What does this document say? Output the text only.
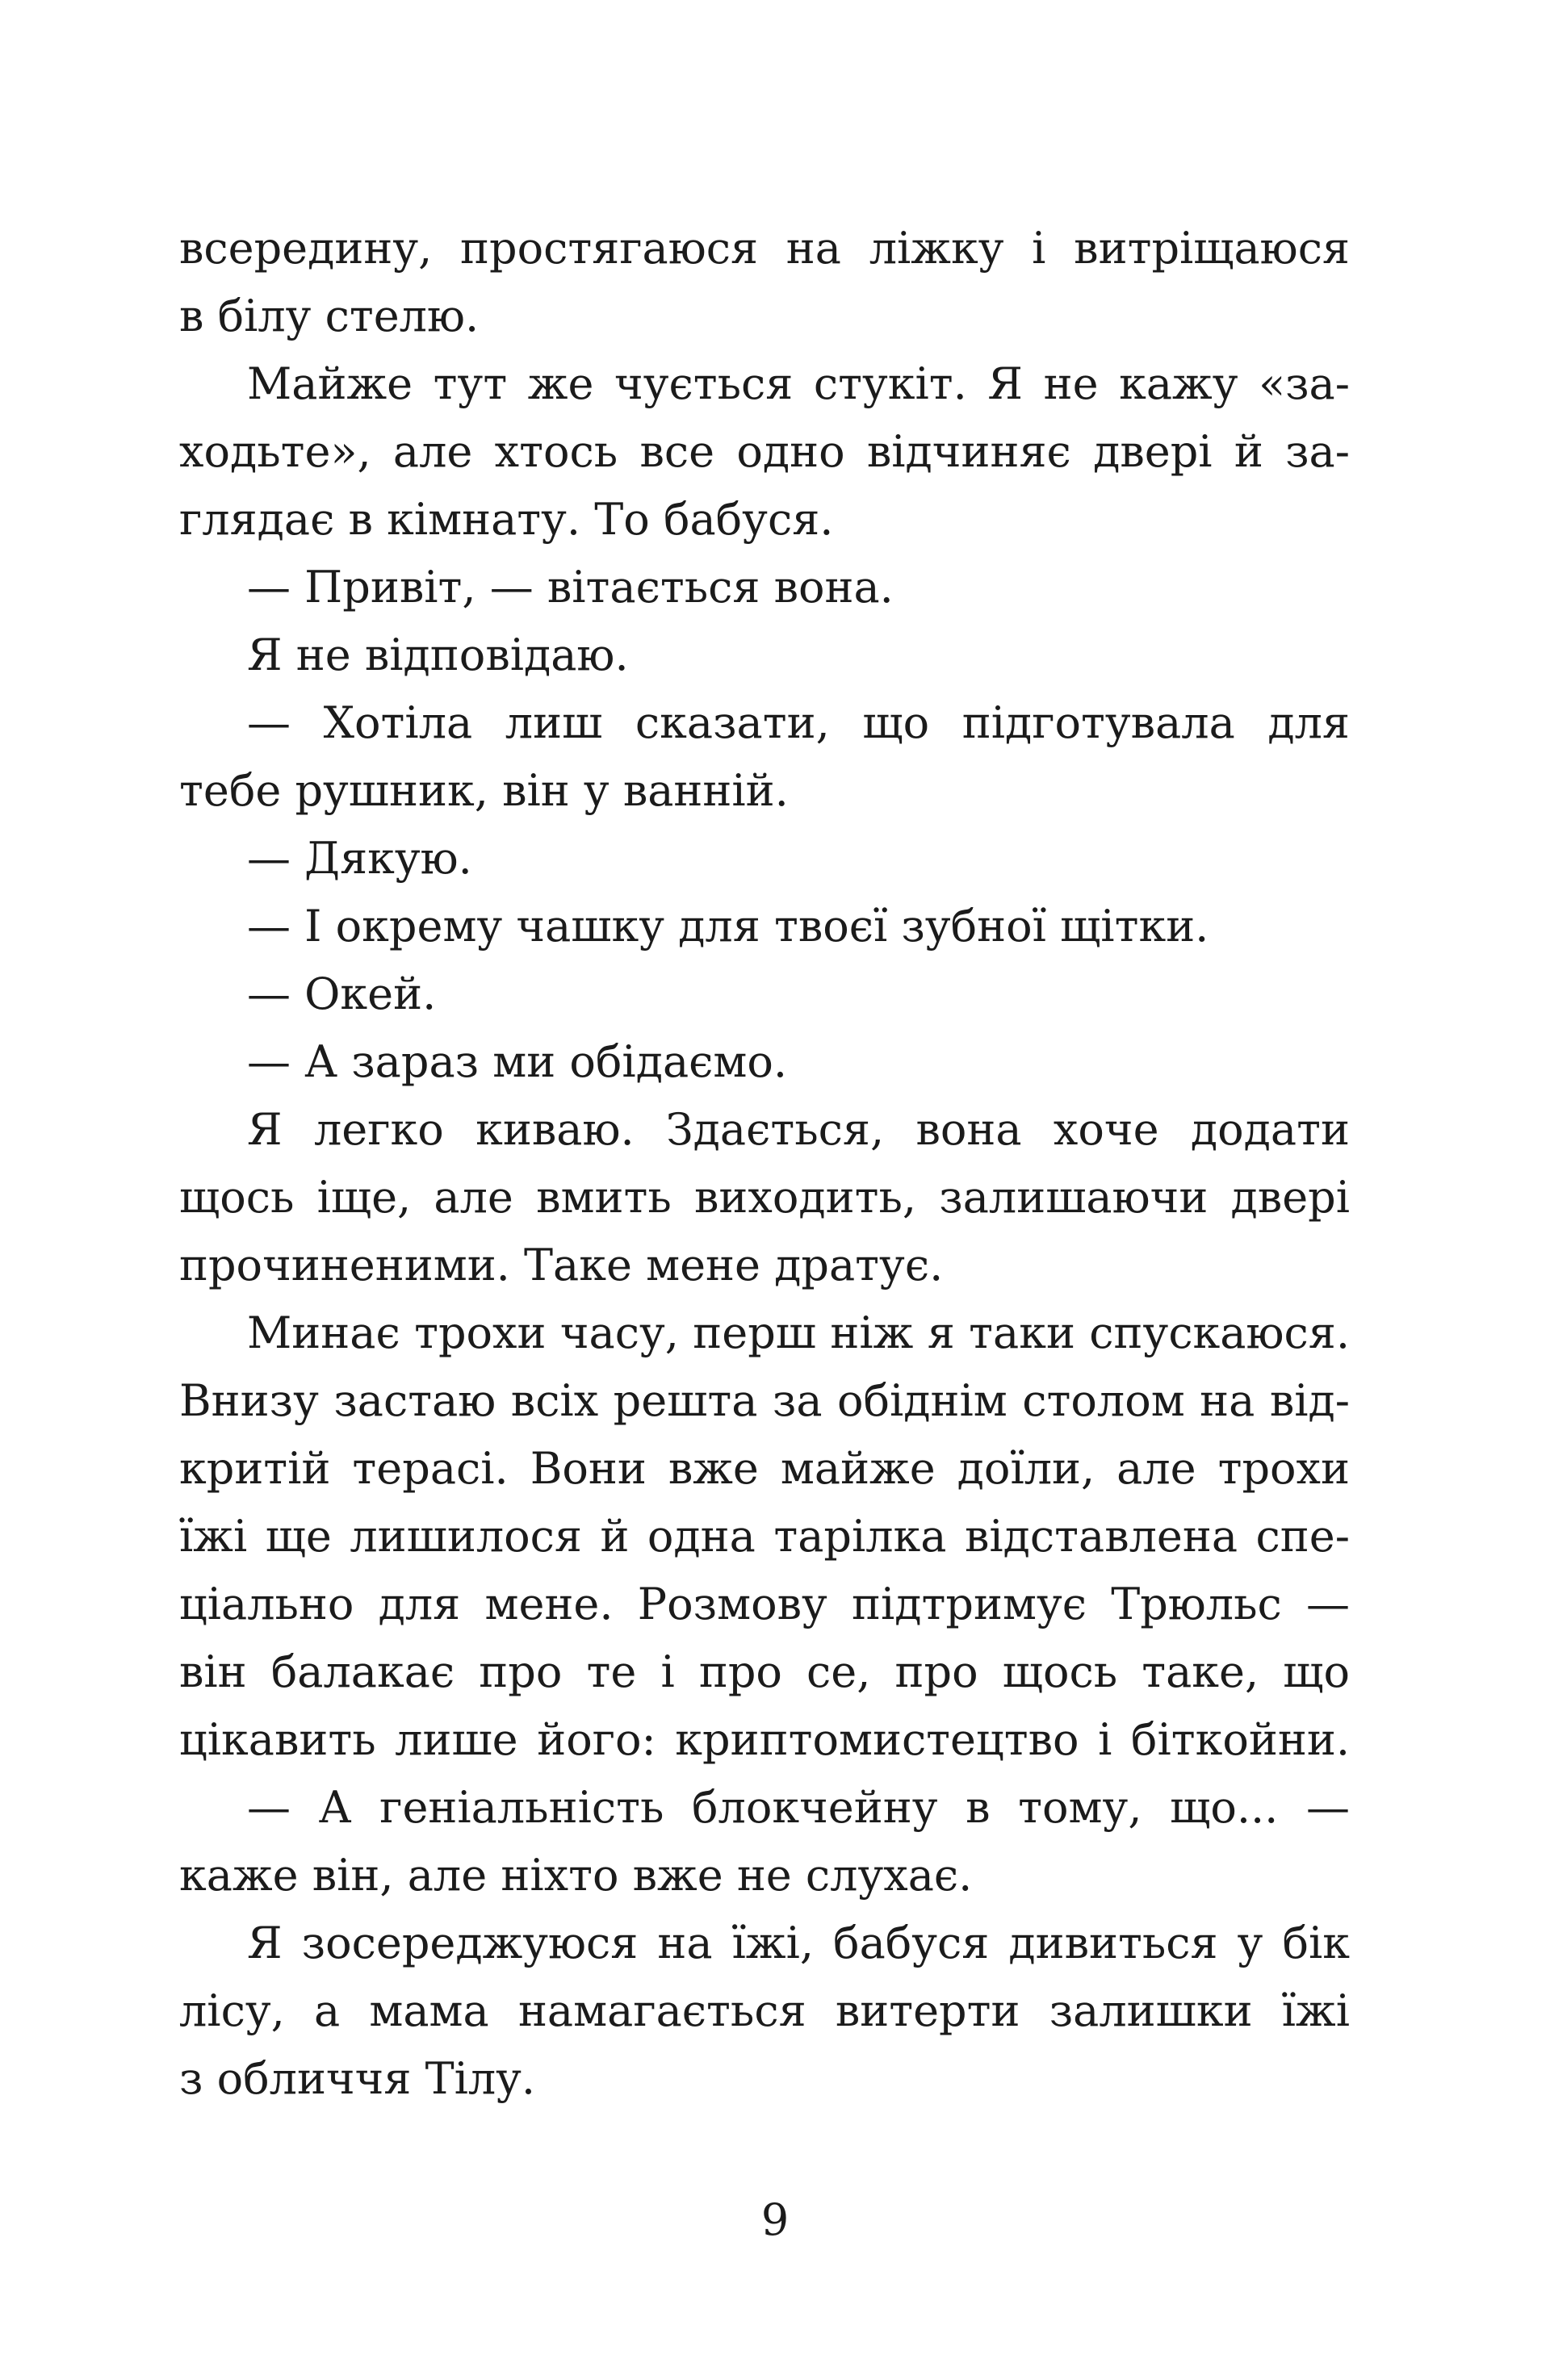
всередину, простягаюся на ліжку і витріщаюся
в білу стелю.
Майже тут же чується стукіт. Я не кажу «за-
ходьте», але хтось все одно відчиняє двері й за-
глядає в кімнату. То бабуся.
— Привіт, — вітається вона.
Я не відповідаю.
— Хотіла лиш сказати, що підготувала для
тебе рушник, він у ванній.
— Дякую.
— І окрему чашку для твоєї зубної щітки.
— Окей.
— А зараз ми обідаємо.
Я легко киваю. Здається, вона хоче додати
щось іще, але вмить виходить, залишаючи двері
прочиненими. Таке мене дратує.
Минає трохи часу, перш ніж я таки спускаюся.
Внизу застаю всіх решта за обіднім столом на від-
критій терасі. Вони вже майже доїли, але трохи
їжі ще лишилося й одна тарілка відставлена спе-
ціально для мене. Розмову підтримує Трюльс —
він балакає про те і про се, про щось таке, що
цікавить лише його: криптомистецтво і біткойни.
— А геніальність блокчейну в тому, що... —
каже він, але ніхто вже не слухає.
Я зосереджуюся на їжі, бабуся дивиться у бік
лісу, а мама намагається витерти залишки їжі
з обличчя Тілу.
9
